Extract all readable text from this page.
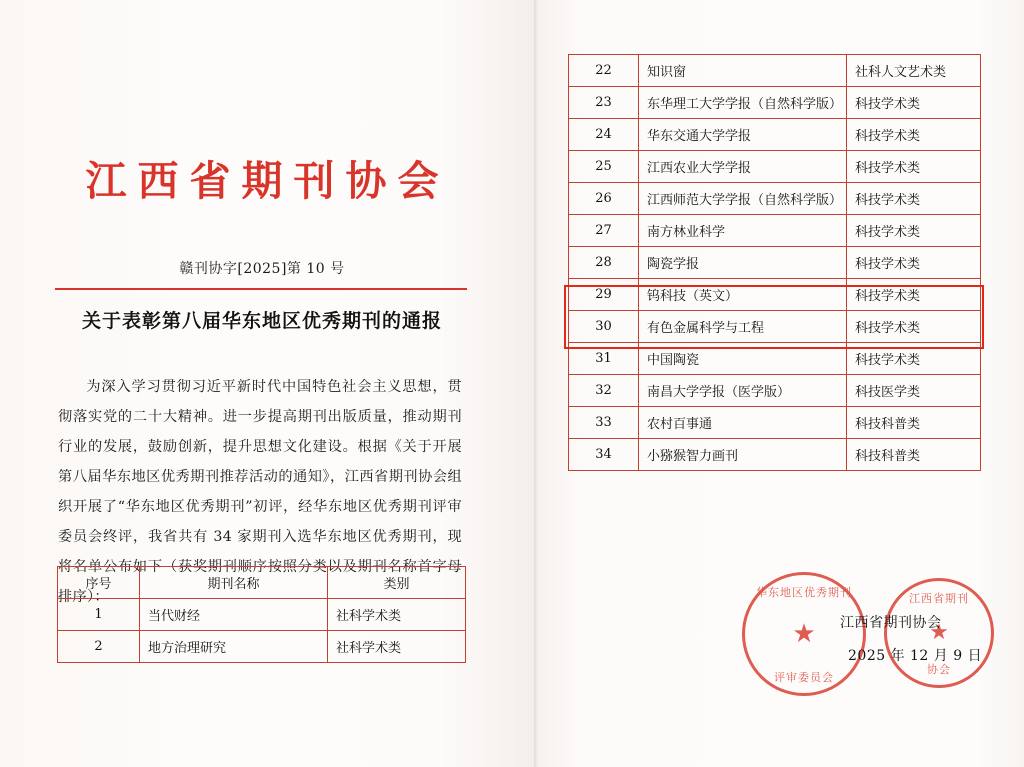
江西省期刊协会
赣刊协字[2025]第 10 号
关于表彰第八届华东地区优秀期刊的通报
为深入学习贯彻习近平新时代中国特色社会主义思想，贯彻落实党的二十大精神。进一步提高期刊出版质量，推动期刊行业的发展，鼓励创新，提升思想文化建设。根据《关于开展第八届华东地区优秀期刊推荐活动的通知》，江西省期刊协会组织开展了“华东地区优秀期刊”初评，经华东地区优秀期刊评审委员会终评，我省共有 34 家期刊入选华东地区优秀期刊，现将名单公布如下（获奖期刊顺序按照分类以及期刊名称首字母排序）：
序号	期刊名称	类别
1	当代财经	社科学术类
2	地方治理研究	社科学术类
22	知识窗	社科人文艺术类
23	东华理工大学学报（自然科学版）	科技学术类
24	华东交通大学学报	科技学术类
25	江西农业大学学报	科技学术类
26	江西师范大学学报（自然科学版）	科技学术类
27	南方林业科学	科技学术类
28	陶瓷学报	科技学术类
29	钨科技（英文）	科技学术类
30	有色金属科学与工程	科技学术类
31	中国陶瓷	科技学术类
32	南昌大学学报（医学版）	科技医学类
33	农村百事通	科技科普类
34	小猕猴智力画刊	科技科普类
华东地区优秀期刊
★
评审委员会
江西省期刊
★
协会
江西省期刊协会
2025 年 12 月 9 日
